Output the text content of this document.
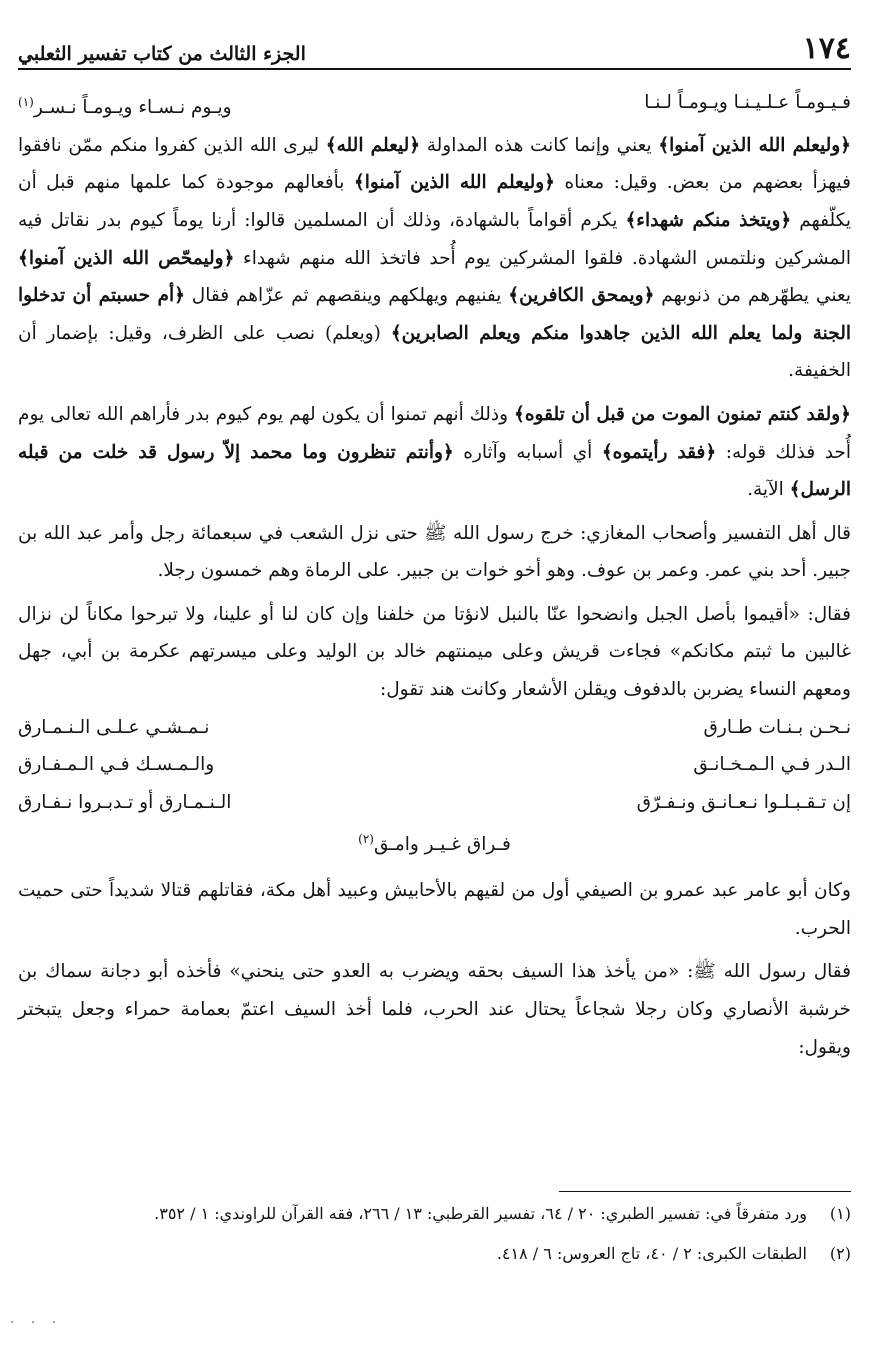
١٧٤
الجزء الثالث من كتاب تفسير الثعلبي
فـيـومـاً عـلـيـنـا ويـومـاً لـنـا
ويـوم نـسـاء ويـومـاً نـسـر$^{(١)}$

﴿وليعلم الله الذين آمنوا﴾ يعني وإنما كانت هذه المداولة ﴿ليعلم الله﴾ ليرى الله الذين كفروا منكم ممّن نافقوا فيهزأ بعضهم من بعض. وقيل: معناه ﴿وليعلم الله الذين آمنوا﴾ بأفعالهم موجودة كما علمها منهم قبل أن يكلّفهم ﴿ويتخذ منكم شهداء﴾ يكرم أقواماً بالشهادة، وذلك أن المسلمين قالوا: أرنا يوماً كيوم بدر نقاتل فيه المشركين ونلتمس الشهادة. فلقوا المشركين يوم أُحد فاتخذ الله منهم شهداء ﴿وليمحّص الله الذين آمنوا﴾ يعني يطهّرهم من ذنوبهم ﴿ويمحق الكافرين﴾ يفنيهم ويهلكهم وينقصهم ثم عزّاهم فقال ﴿أم حسبتم أن تدخلوا الجنة ولما يعلم الله الذين جاهدوا منكم ويعلم الصابرين﴾ (ويعلم) نصب على الظرف، وقيل: بإضمار أن الخفيفة.

﴿ولقد كنتم تمنون الموت من قبل أن تلقوه﴾ وذلك أنهم تمنوا أن يكون لهم يوم كيوم بدر فأراهم الله تعالى يوم أُحد فذلك قوله: ﴿فقد رأيتموه﴾ أي أسبابه وآثاره ﴿وأنتم تنظرون وما محمد إلاّ رسول قد خلت من قبله الرسل﴾ الآية.

قال أهل التفسير وأصحاب المغازي: خرج رسول الله ﷺ حتى نزل الشعب في سبعمائة رجل وأمر عبد الله بن جبير. أحد بني عمر. وعمر بن عوف. وهو أخو خوات بن جبير. على الرماة وهم خمسون رجلا.

فقال: «أقيموا بأصل الجبل وانضحوا عنّا بالنبل لانؤتا من خلفنا وإن كان لنا أو علينا، ولا تبرحوا مكاناً لن نزال غالبين ما ثبتم مكانكم» فجاءت قريش وعلى ميمنتهم خالد بن الوليد وعلى ميسرتهم عكرمة بن أبي، جهل ومعهم النساء يضربن بالدفوف ويقلن الأشعار وكانت هند تقول:

نـحـن بـنـات طـارق
نـمـشـي عـلـى الـنـمـارق
الـدر فـي الـمـخـانـق
والـمـسـك فـي الـمـفـارق
إن تـقـبـلـوا نـعـانـق ونـفـرّق
الـنـمـارق أو تـدبـروا نـفـارق
فـراق غـيـر وامـق$^{(٢)}$

وكان أبو عامر عبد عمرو بن الصيفي أول من لقيهم بالأحابيش وعبيد أهل مكة، فقاتلهم قتالا شديداً حتى حميت الحرب.

فقال رسول الله ﷺ: «من يأخذ هذا السيف بحقه ويضرب به العدو حتى ينحني» فأخذه أبو دجانة سماك بن خرشبة الأنصاري وكان رجلا شجاعاً يحتال عند الحرب، فلما أخذ السيف اعتمّ بعمامة حمراء وجعل يتبختر ويقول:

(١)
ورد متفرقاً في: تفسير الطبري: ٢٠ / ٦٤، تفسير القرطبي: ١٣ / ٢٦٦، فقه القرآن للراوندي: ١ / ٣٥٢.
(٢)
الطبقات الكبرى: ٢ / ٤٠، تاج العروس: ٦ / ٤١٨.
· · ·
